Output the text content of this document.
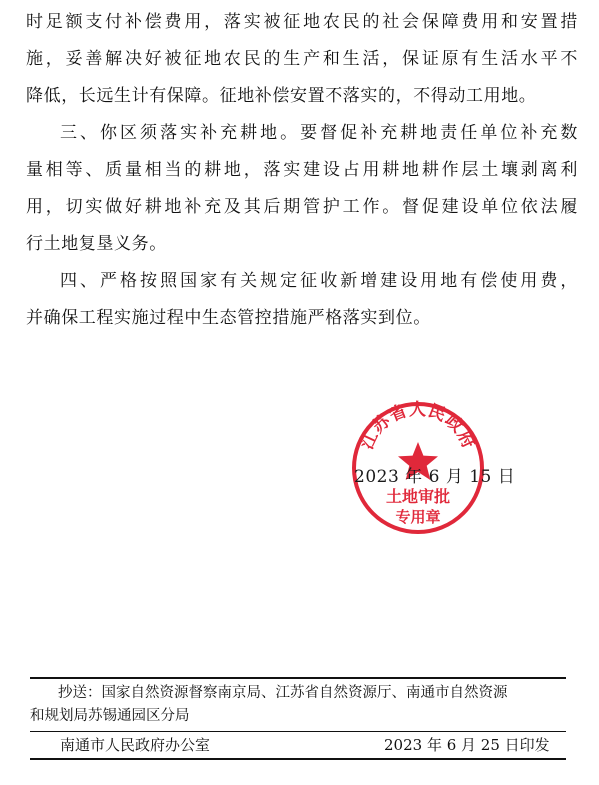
时足额支付补偿费用，落实被征地农民的社会保障费用和安置措
施，妥善解决好被征地农民的生产和生活，保证原有生活水平不
降低，长远生计有保障。征地补偿安置不落实的，不得动工用地。
三、你区须落实补充耕地。要督促补充耕地责任单位补充数
量相等、质量相当的耕地，落实建设占用耕地耕作层土壤剥离利
用，切实做好耕地补充及其后期管护工作。督促建设单位依法履
行土地复垦义务。
四、严格按照国家有关规定征收新增建设用地有偿使用费，
并确保工程实施过程中生态管控措施严格落实到位。
江苏省人民政府
土地审批
专用章
2023 年 6 月 15 日
抄送：国家自然资源督察南京局、江苏省自然资源厅、南通市自然资源
和规划局苏锡通园区分局
南通市人民政府办公室	2023 年 6 月 25 日印发
